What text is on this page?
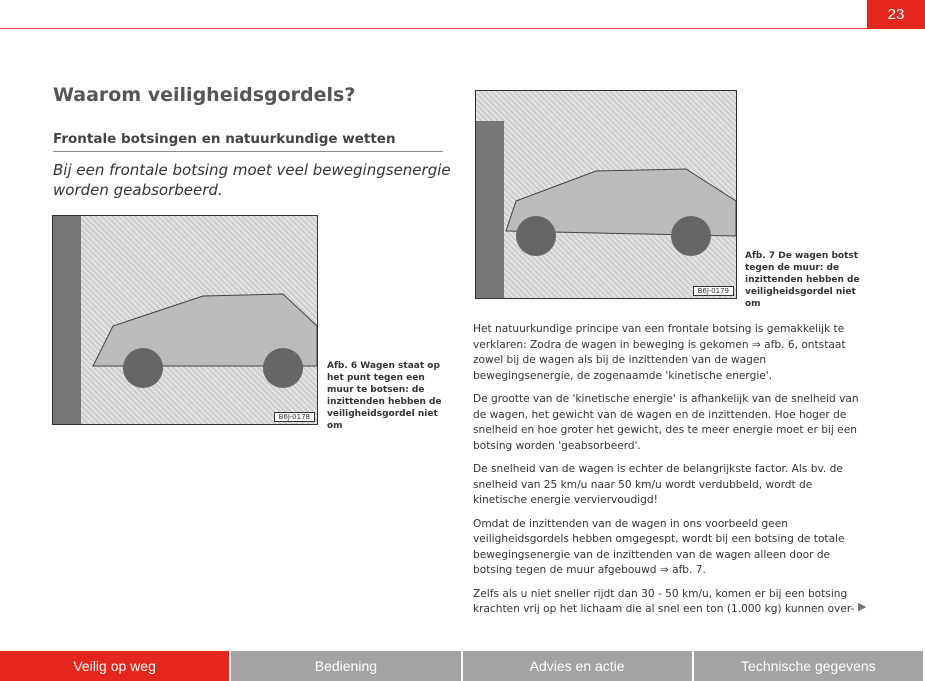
23
Waarom veiligheidsgordels?
Frontale botsingen en natuurkundige wetten
Bij een frontale botsing moet veel bewegingsenergie worden geabsorbeerd.
B6J-0178
Afb. 6 Wagen staat op het punt tegen een muur te botsen: de inzittenden hebben de veiligheidsgordel niet om
B6J-0179
Afb. 7 De wagen botst tegen de muur: de inzittenden hebben de veiligheidsgordel niet om

Het natuurkundige principe van een frontale botsing is gemakkelijk te verklaren: Zodra de wagen in beweging is gekomen ⇒ afb. 6, ontstaat zowel bij de wagen als bij de inzittenden van de wagen bewegingsenergie, de zogenaamde 'kinetische energie'.

De grootte van de 'kinetische energie' is afhankelijk van de snelheid van de wagen, het gewicht van de wagen en de inzittenden. Hoe hoger de snelheid en hoe groter het gewicht, des te meer energie moet er bij een botsing worden 'geabsorbeerd'.

De snelheid van de wagen is echter de belangrijkste factor. Als bv. de snelheid van 25 km/u naar 50 km/u wordt verdubbeld, wordt de kinetische energie verviervoudigd!

Omdat de inzittenden van de wagen in ons voorbeeld geen veiligheidsgordels hebben omgegespt, wordt bij een botsing de totale bewegingsenergie van de inzittenden van de wagen alleen door de botsing tegen de muur afgebouwd ⇒ afb. 7.

Zelfs als u niet sneller rijdt dan 30 - 50 km/u, komen er bij een botsing krachten vrij op het lichaam die al snel een ton (1.000 kg) kunnen over- ▶
Veilig op weg	Bediening	Advies en actie	Technische gegevens
